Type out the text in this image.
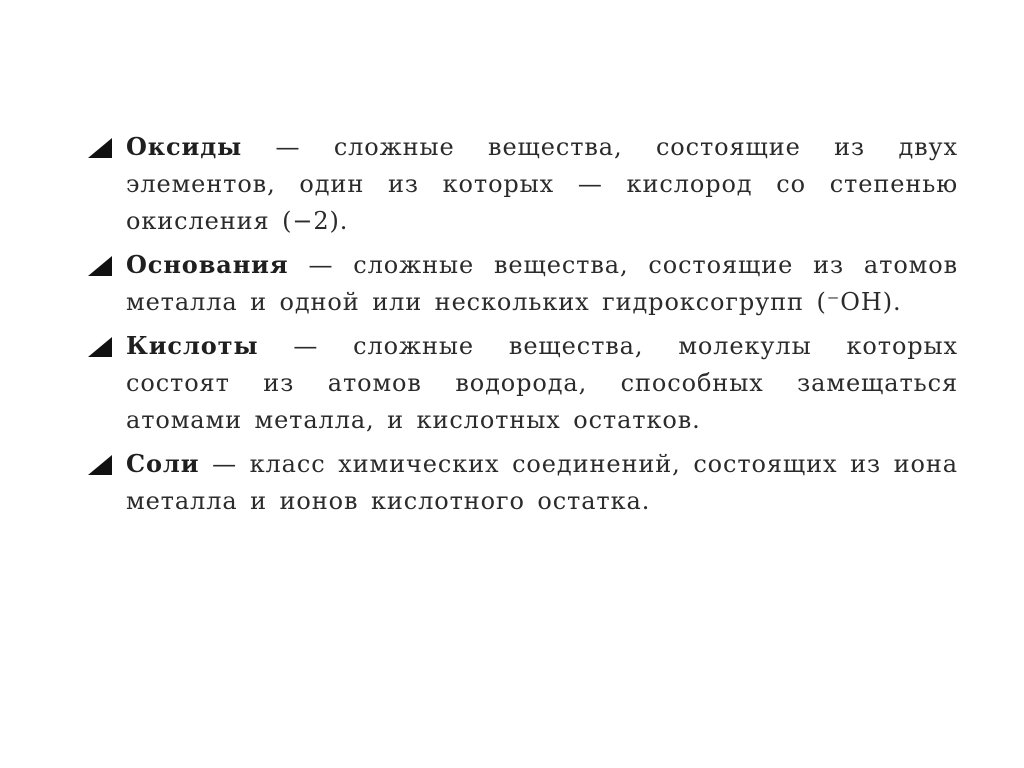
Оксиды — сложные вещества, состоящие из двух элементов, один из которых — кислород со степенью окисления (−2).
Основания — сложные вещества, состоящие из атомов металла и одной или нескольких гидроксогрупп (⁻OH).
Кислоты — сложные вещества, молекулы которых состоят из атомов водорода, способных замещаться атомами металла, и кислотных остатков.
Соли — класс химических соединений, состоящих из иона металла и ионов кислотного остатка.
